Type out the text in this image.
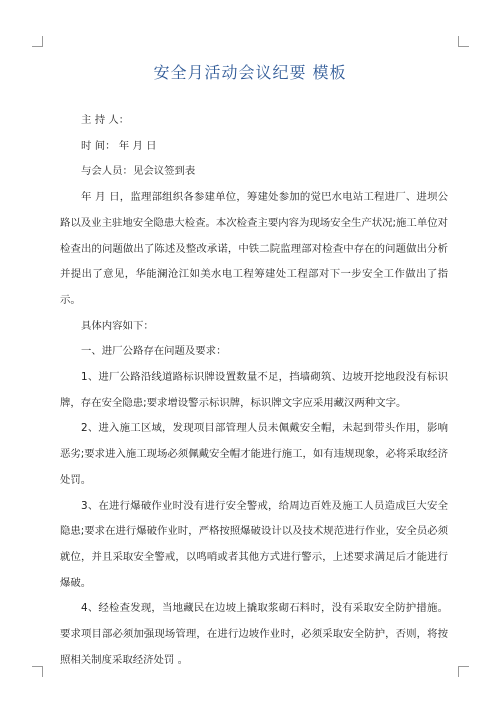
安全月活动会议纪要 模板

主 持 人：

时 间： 年 月 日

与会人员：见会议签到表

年 月 日，监理部组织各参建单位，筹建处参加的觉巴水电站工程进厂、进坝公路以及业主驻地安全隐患大检查。本次检查主要内容为现场安全生产状况;施工单位对检查出的问题做出了陈述及整改承诺，中铁二院监理部对检查中存在的问题做出分析并提出了意见，华能澜沧江如美水电工程筹建处工程部对下一步安全工作做出了指示。

具体内容如下：

一、进厂公路存在问题及要求：

1、进厂公路沿线道路标识牌设置数量不足，挡墙砌筑、边坡开挖地段没有标识牌，存在安全隐患;要求增设警示标识牌，标识牌文字应采用藏汉两种文字。

2、进入施工区域，发现项目部管理人员未佩戴安全帽，未起到带头作用，影响恶劣;要求进入施工现场必须佩戴安全帽才能进行施工，如有违规现象，必将采取经济处罚。

3、在进行爆破作业时没有进行安全警戒，给周边百姓及施工人员造成巨大安全隐患;要求在进行爆破作业时，严格按照爆破设计以及技术规范进行作业，安全员必须就位，并且采取安全警戒，以鸣哨或者其他方式进行警示，上述要求满足后才能进行爆破。

4、经检查发现，当地藏民在边坡上撬取浆砌石料时，没有采取安全防护措施。要求项目部必须加强现场管理，在进行边坡作业时，必须采取安全防护，否则，将按照相关制度采取经济处罚 。
